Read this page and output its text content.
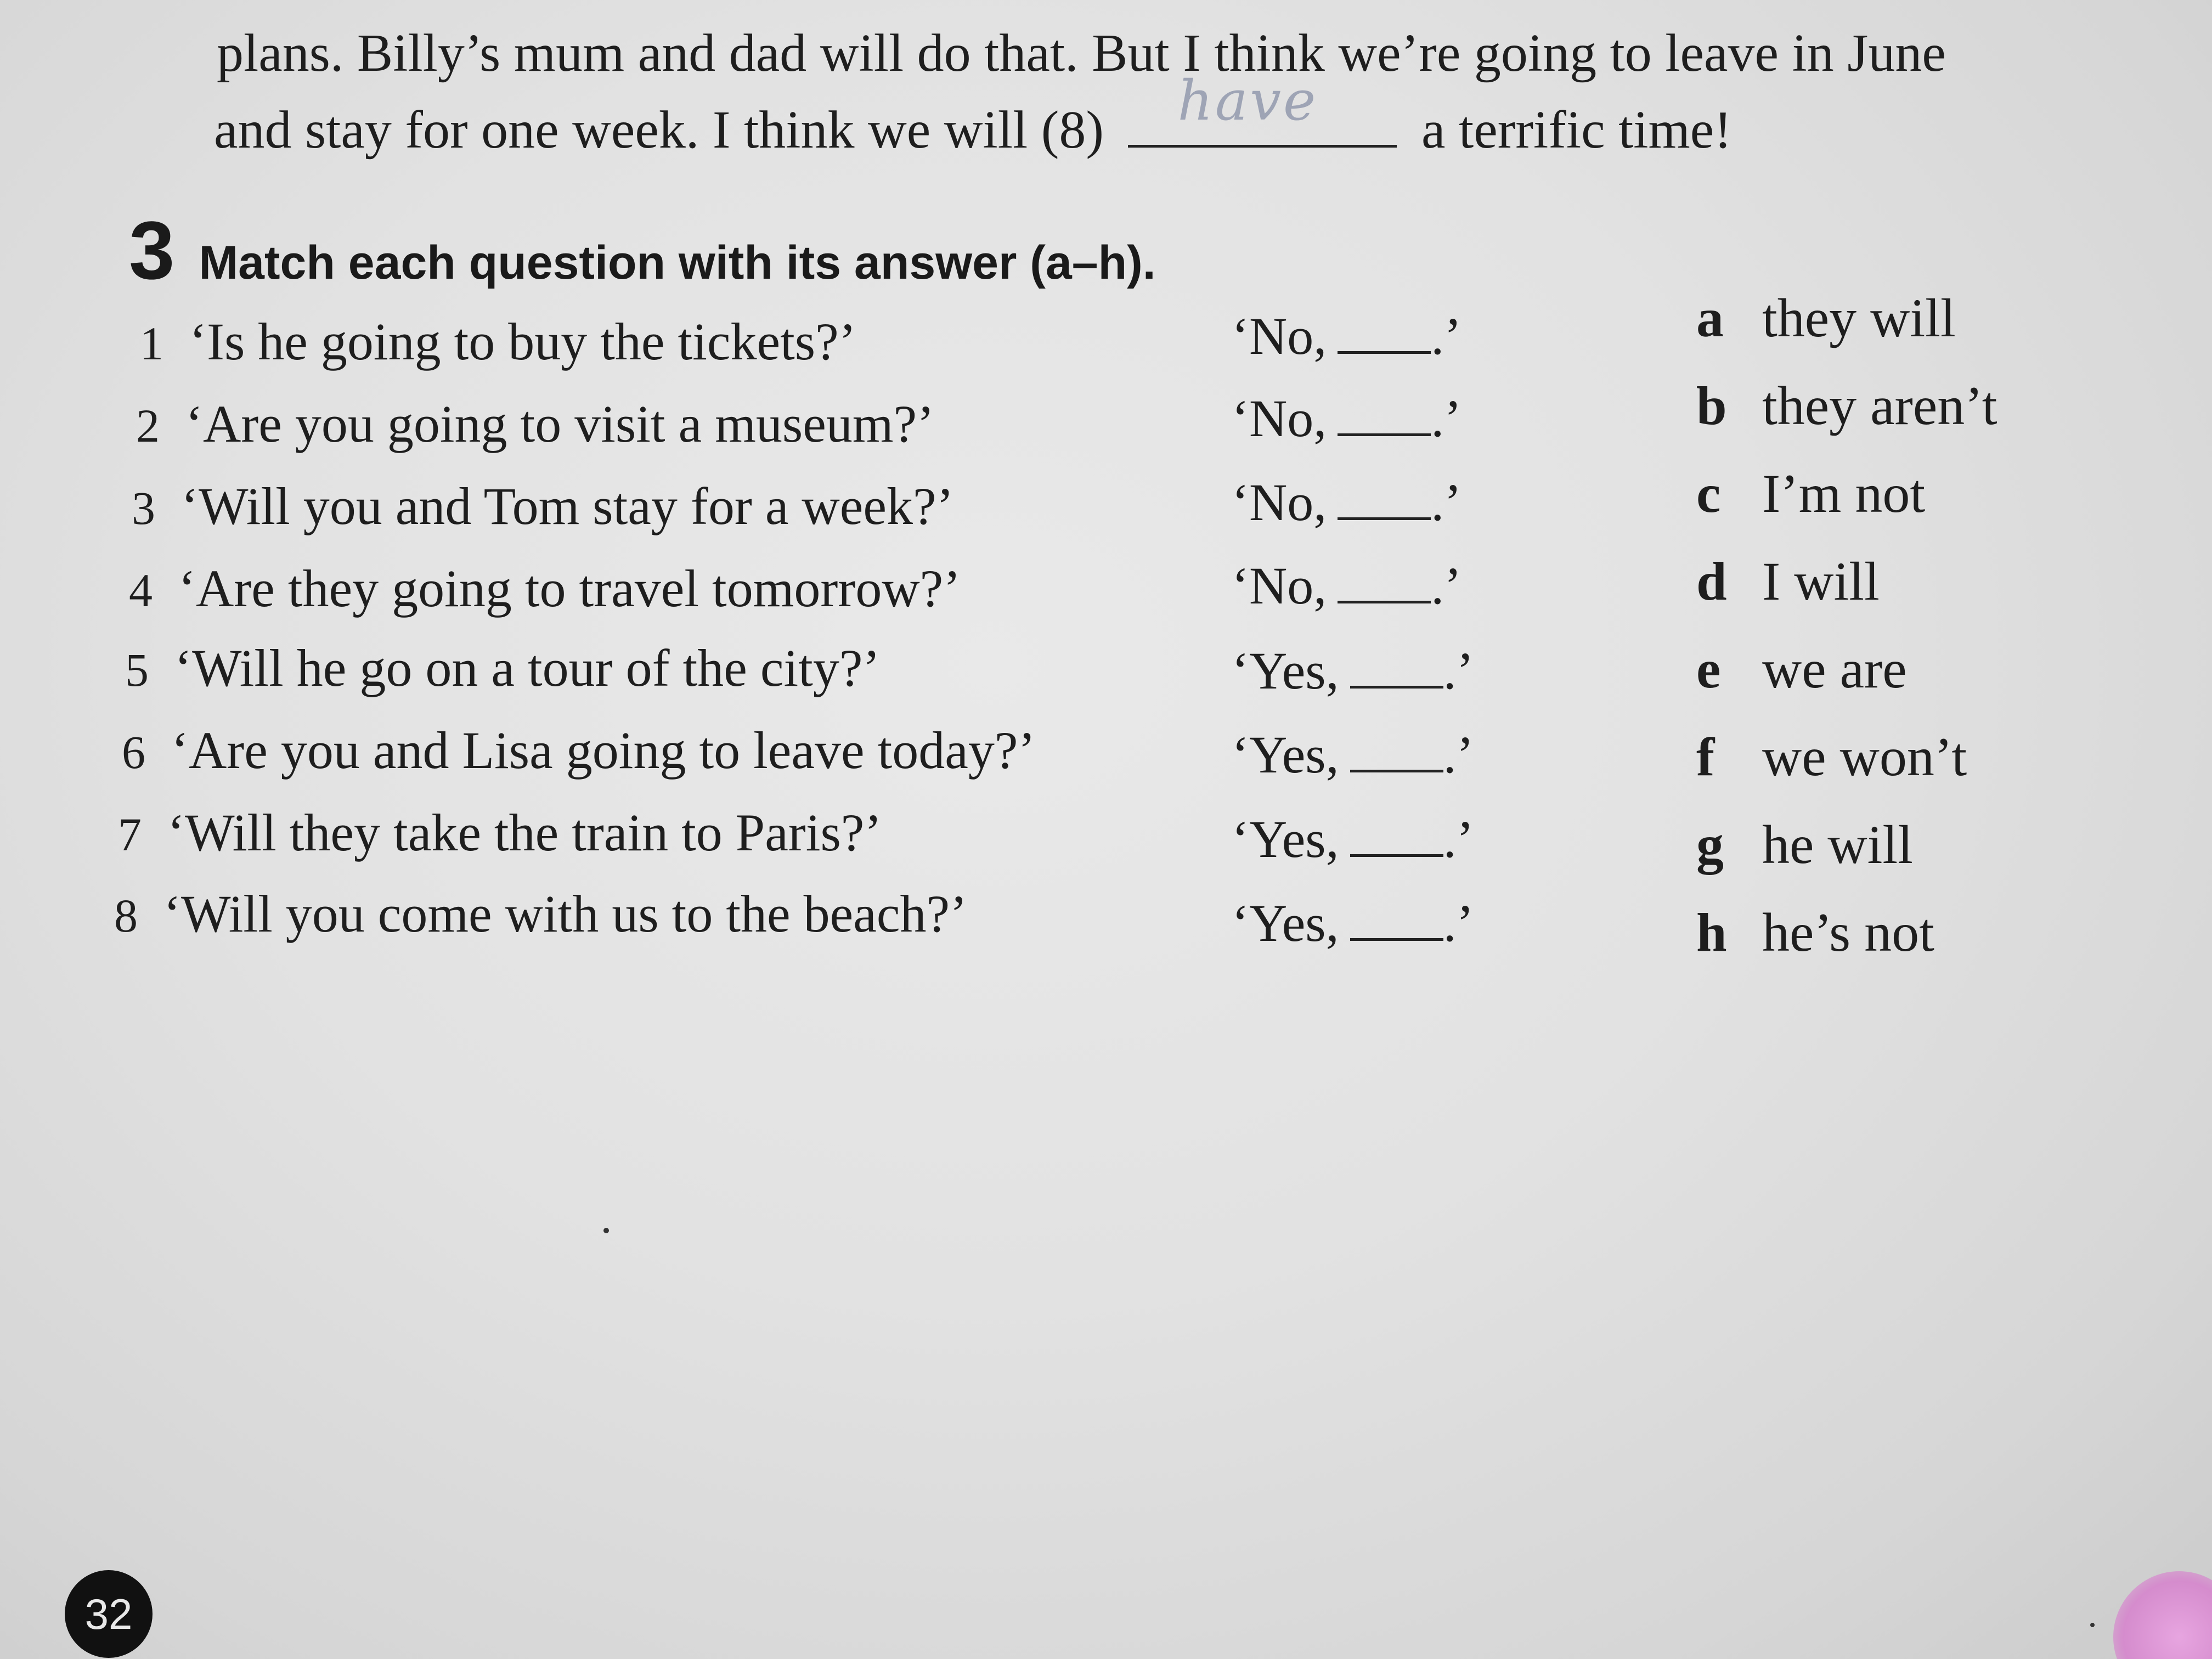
plans. Billy’s mum and dad will do that. But I think we’re going to leave in June
and stay for one week. I think we will (8) have a terrific time!
3 Match each question with its answer (a–h).
1 ‘Is he going to buy the tickets?’
2 ‘Are you going to visit a museum?’
3 ‘Will you and Tom stay for a week?’
4 ‘Are they going to travel tomorrow?’
5 ‘Will he go on a tour of the city?’
6 ‘Are you and Lisa going to leave today?’
7 ‘Will they take the train to Paris?’
8 ‘Will you come with us to the beach?’
‘No, .’
‘No, .’
‘No, .’
‘No, .’
‘Yes, .’
‘Yes, .’
‘Yes, .’
‘Yes, .’
a they will
b they aren’t
c I’m not
d I will
e we are
f we won’t
g he will
h he’s not
32
